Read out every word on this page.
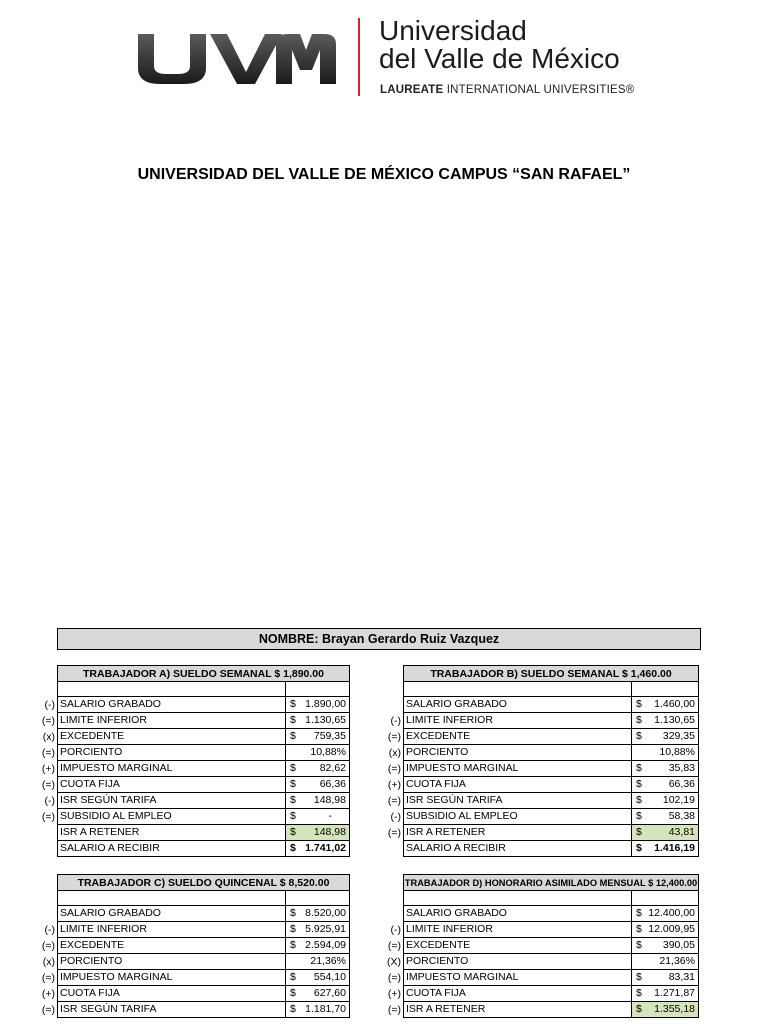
Universidad
del Valle de México
LAUREATE INTERNATIONAL UNIVERSITIES®
UNIVERSIDAD DEL VALLE DE MÉXICO CAMPUS “SAN RAFAEL”
NOMBRE: Brayan Gerardo Ruiz Vazquez
TRABAJADOR A) SUELDO SEMANAL $ 1,890.00
(-) SALARIO GRABADO	$ 1.890,00
(=) LIMITE INFERIOR	$ 1.130,65
(x) EXCEDENTE	$ 759,35
(=) PORCIENTO	10,88%
(+) IMPUESTO MARGINAL	$ 82,62
(=) CUOTA FIJA	$ 66,36
(-) ISR SEGÚN TARIFA	$ 148,98
(=) SUBSIDIO AL EMPLEO	$	-
ISR A RETENER	$ 148,98
SALARIO A RECIBIR	$ 1.741,02
TRABAJADOR B) SUELDO SEMANAL $ 1,460.00
SALARIO GRABADO	$ 1.460,00
(-) LIMITE INFERIOR	$ 1.130,65
(=) EXCEDENTE	$ 329,35
(x) PORCIENTO	10,88%
(=) IMPUESTO MARGINAL	$	35,83
(+) CUOTA FIJA	$	66,36
(=) ISR SEGÚN TARIFA	$ 102,19
(-) SUBSIDIO AL EMPLEO	$	58,38
(=) ISR A RETENER	$	43,81
SALARIO A RECIBIR	$ 1.416,19
TRABAJADOR C) SUELDO QUINCENAL $ 8,520.00
SALARIO GRABADO	$ 8.520,00
(-) LIMITE INFERIOR	$ 5.925,91
(=) EXCEDENTE	$ 2.594,09
(x) PORCIENTO	21,36%
(=) IMPUESTO MARGINAL	$ 554,10
(+) CUOTA FIJA	$ 627,60
(=) ISR SEGÚN TARIFA	$ 1.181,70
TRABAJADOR D) HONORARIO ASIMILADO MENSUAL $ 12,400.00
SALARIO GRABADO	$ 12.400,00
(-) LIMITE INFERIOR	$ 12.009,95
(=) EXCEDENTE	$ 390,05
(X) PORCIENTO	21,36%
(=) IMPUESTO MARGINAL	$	83,31
(+) CUOTA FIJA	$ 1.271,87
(=) ISR A RETENER	$ 1.355,18
